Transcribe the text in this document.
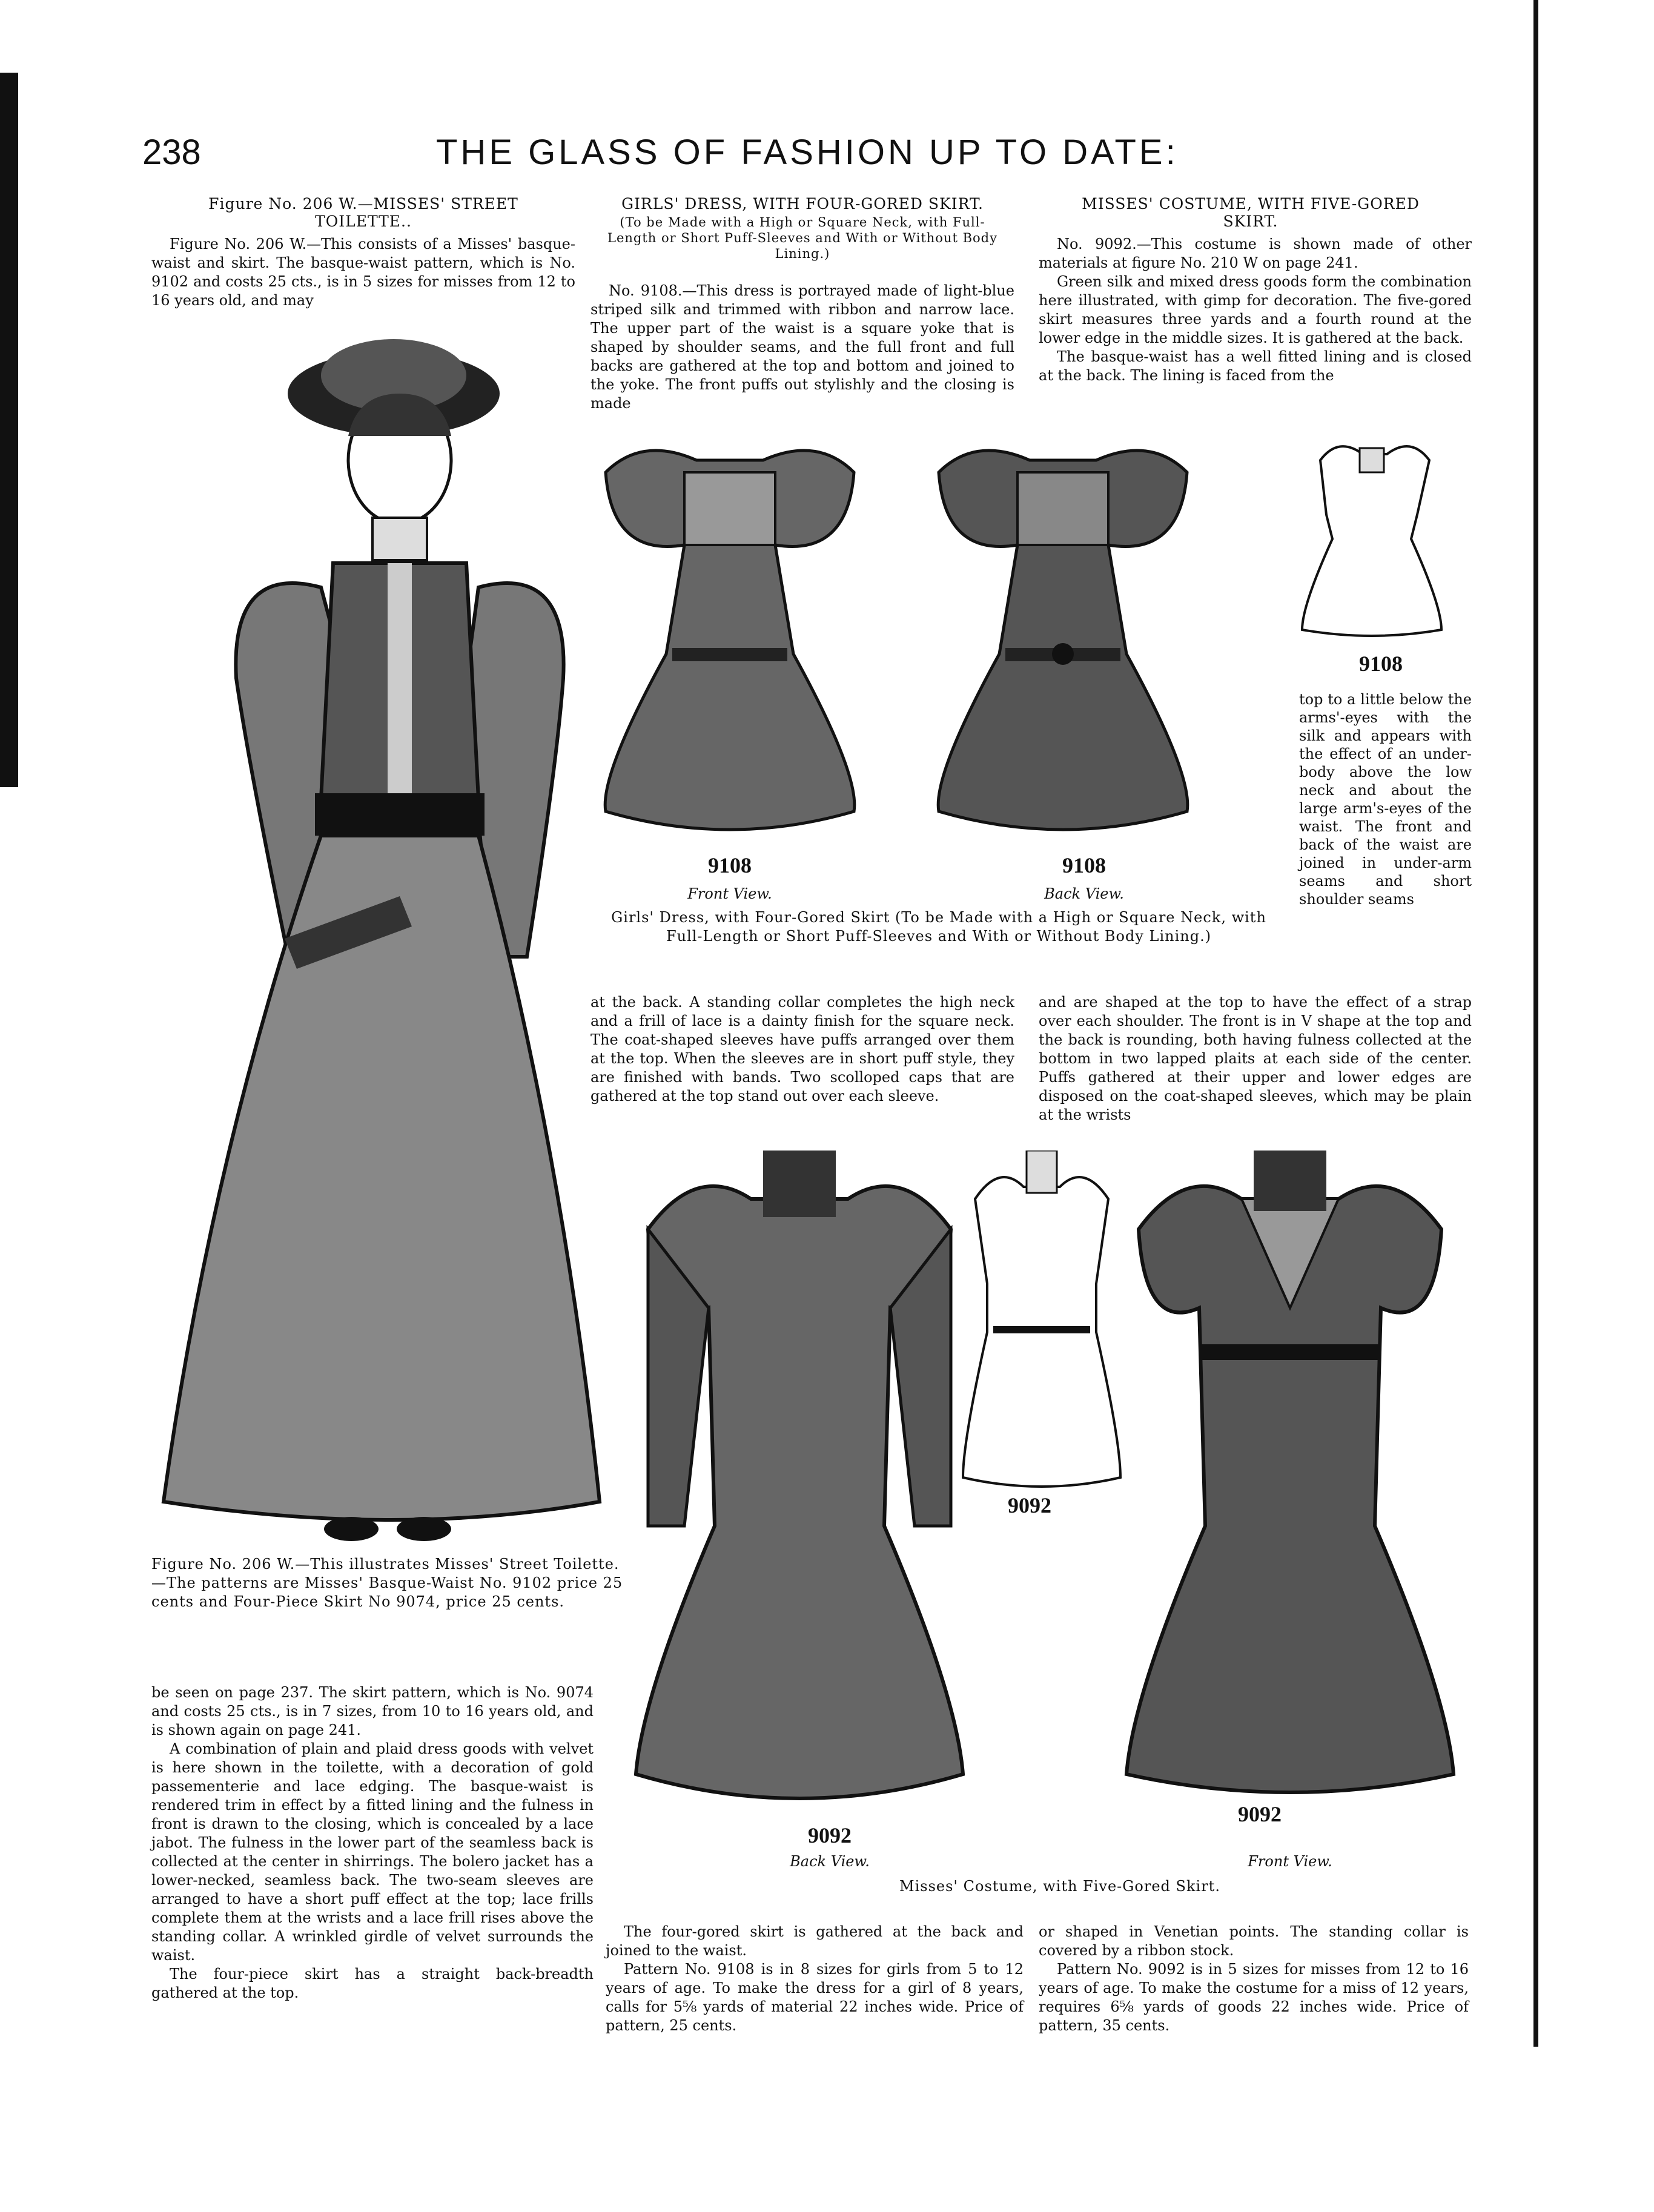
238	THE GLASS OF FASHION UP TO DATE:
Figure No. 206 W.—MISSES' STREET
TOILETTE..

Figure No. 206 W.—This consists of a Misses' basque-waist and skirt. The basque-waist pattern, which is No. 9102 and costs 25 cts., is in 5 sizes for misses from 12 to 16 years old, and may

Figure No. 206 W.—This illustrates Misses' Street Toilette.—The patterns are Misses' Basque-Waist No. 9102 price 25 cents and Four-Piece Skirt No 9074, price 25 cents.

be seen on page 237. The skirt pattern, which is No. 9074 and costs 25 cts., is in 7 sizes, from 10 to 16 years old, and is shown again on page 241.

A combination of plain and plaid dress goods with velvet is here shown in the toilette, with a decoration of gold passementerie and lace edging. The basque-waist is rendered trim in effect by a fitted lining and the fulness in front is drawn to the closing, which is concealed by a lace jabot. The fulness in the lower part of the seamless back is collected at the center in shirrings. The bolero jacket has a lower-necked, seamless back. The two-seam sleeves are arranged to have a short puff effect at the top; lace frills complete them at the wrists and a lace frill rises above the standing collar. A wrinkled girdle of velvet surrounds the waist.

The four-piece skirt has a straight back-breadth gathered at the top.

GIRLS' DRESS, WITH FOUR-GORED SKIRT.
(To be Made with a High or Square Neck, with Full-Length or Short Puff-Sleeves and With or Without Body Lining.)

No. 9108.—This dress is portrayed made of light-blue striped silk and trimmed with ribbon and narrow lace. The upper part of the waist is a square yoke that is shaped by shoulder seams, and the full front and full backs are gathered at the top and bottom and joined to the yoke. The front puffs out stylishly and the closing is made

MISSES' COSTUME, WITH FIVE-GORED
SKIRT.

No. 9092.—This costume is shown made of other materials at figure No. 210 W on page 241.

Green silk and mixed dress goods form the combination here illustrated, with gimp for decoration. The five-gored skirt measures three yards and a fourth round at the lower edge in the middle sizes. It is gathered at the back.

The basque-waist has a well fitted lining and is closed at the back. The lining is faced from the

9108
Front View.
9108
Back View.
9108
Girls' Dress, with Four-Gored Skirt (To be Made with a High or Square Neck, with Full-Length or Short Puff-Sleeves and With or Without Body Lining.)

top to a little below the arms'-eyes with the silk and appears with the effect of an under-body above the low neck and about the large arm's-eyes of the waist. The front and back of the waist are joined in under-arm seams and short shoulder seams

at the back. A standing collar completes the high neck and a frill of lace is a dainty finish for the square neck. The coat-shaped sleeves have puffs arranged over them at the top. When the sleeves are in short puff style, they are finished with bands. Two scolloped caps that are gathered at the top stand out over each sleeve.

and are shaped at the top to have the effect of a strap over each shoulder. The front is in V shape at the top and the back is rounding, both having fulness collected at the bottom in two lapped plaits at each side of the center. Puffs gathered at their upper and lower edges are disposed on the coat-shaped sleeves, which may be plain at the wrists

9092
9092
Back View.
9092
Front View.
Misses' Costume, with Five-Gored Skirt.

The four-gored skirt is gathered at the back and joined to the waist.

Pattern No. 9108 is in 8 sizes for girls from 5 to 12 years of age. To make the dress for a girl of 8 years, calls for 5⅝ yards of material 22 inches wide. Price of pattern, 25 cents.

or shaped in Venetian points. The standing collar is covered by a ribbon stock.

Pattern No. 9092 is in 5 sizes for misses from 12 to 16 years of age. To make the costume for a miss of 12 years, requires 6⅝ yards of goods 22 inches wide. Price of pattern, 35 cents.
